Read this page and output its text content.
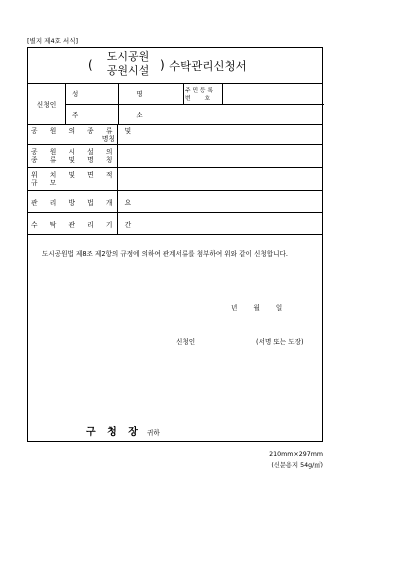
[별지 제4호 서식]
(
도시공원
공원시설 ) 수탁관리신청서
신청인
성 명 주 민 등 록
번 호
주 소
공 원 의 종 류 및
명칭
공 원 시 설 의
종 류 및 명 칭
위 치 및 면 적
규 모
관 리 방 법 개 요
수 탁 관 리 기 간
도시공원법 제8조 제2항의 규정에 의하여 관계서류를 첨부하여 위와 같이 신청합니다.
년 월 일
신청인	(서명 또는 도장)
구 청 장 귀하
210mm×297mm
(신문용지 54g/㎡)
